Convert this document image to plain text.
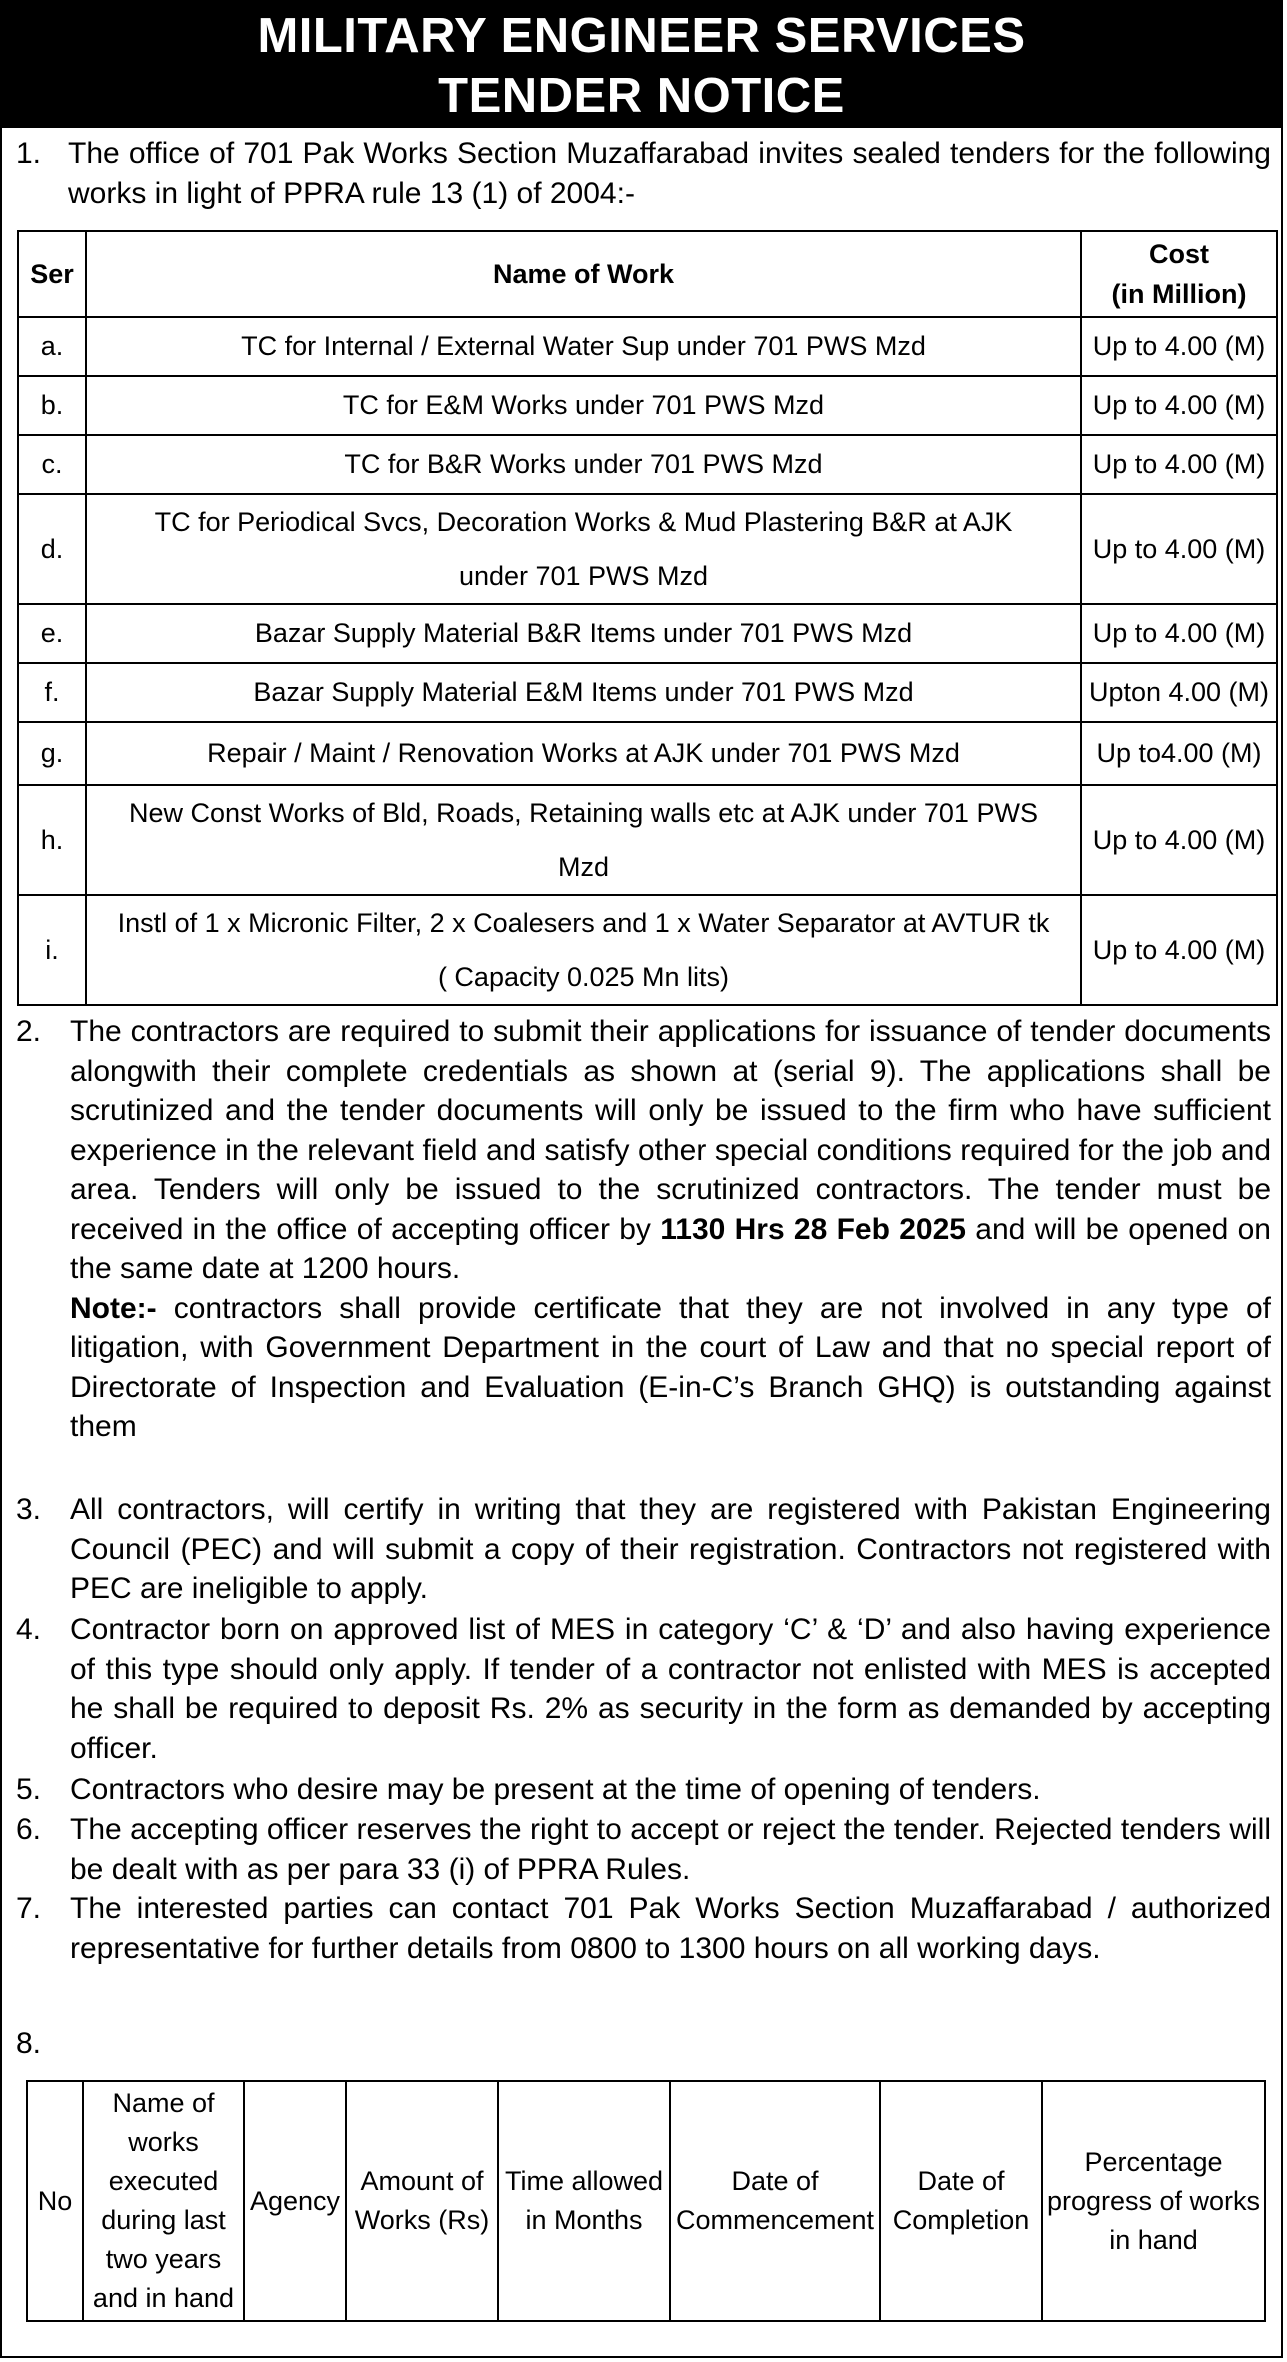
MILITARY ENGINEER SERVICES
TENDER NOTICE
1. The office of 701 Pak Works Section Muzaffarabad invites sealed tenders for the following works in light of PPRA rule 13 (1) of 2004:-
Ser	Name of Work	Cost
(in Million)

a.	TC for Internal / External Water Sup under 701 PWS Mzd	Up to 4.00 (M)
b.	TC for E&M Works under 701 PWS Mzd	Up to 4.00 (M)
c.	TC for B&R Works under 701 PWS Mzd	Up to 4.00 (M)
d.	TC for Periodical Svcs, Decoration Works & Mud Plastering B&R at AJK under 701 PWS Mzd	Up to 4.00 (M)
e.	Bazar Supply Material B&R Items under 701 PWS Mzd	Up to 4.00 (M)
f.	Bazar Supply Material E&M Items under 701 PWS Mzd	Upton 4.00 (M)
g.	Repair / Maint / Renovation Works at AJK under 701 PWS Mzd	Up to4.00 (M)
h.	New Const Works of Bld, Roads, Retaining walls etc at AJK under 701 PWS Mzd	Up to 4.00 (M)
i.	Instl of 1 x Micronic Filter, 2 x Coalesers and 1 x Water Separator at AVTUR tk ( Capacity 0.025 Mn lits)	Up to 4.00 (M)
2. The contractors are required to submit their applications for issuance of tender documents alongwith their complete credentials as shown at (serial 9). The applications shall be scrutinized and the tender documents will only be issued to the firm who have sufficient experience in the relevant field and satisfy other special conditions required for the job and area. Tenders will only be issued to the scrutinized contractors. The tender must be received in the office of accepting officer by 1130 Hrs 28 Feb 2025 and will be opened on the same date at 1200 hours.
Note:- contractors shall provide certificate that they are not involved in any type of litigation, with Government Department in the court of Law and that no special report of Directorate of Inspection and Evaluation (E-in-C’s Branch GHQ) is outstanding against them
3. All contractors, will certify in writing that they are registered with Pakistan Engineering Council (PEC) and will submit a copy of their registration. Contractors not registered with PEC are ineligible to apply.
4. Contractor born on approved list of MES in category ‘C’ & ‘D’ and also having experience of this type should only apply. If tender of a contractor not enlisted with MES is accepted he shall be required to deposit Rs. 2% as security in the form as demanded by accepting officer.
5. Contractors who desire may be present at the time of opening of tenders.
6. The accepting officer reserves the right to accept or reject the tender. Rejected tenders will be dealt with as per para 33 (i) of PPRA Rules.
7. The interested parties can contact 701 Pak Works Section Muzaffarabad / authorized representative for further details from 0800 to 1300 hours on all working days.
8.
No	Name of works executed during last two years and in hand	Agency	Amount of Works (Rs)	Time allowed in Months	Date of Commencement	Date of Completion	Percentage progress of works in hand
